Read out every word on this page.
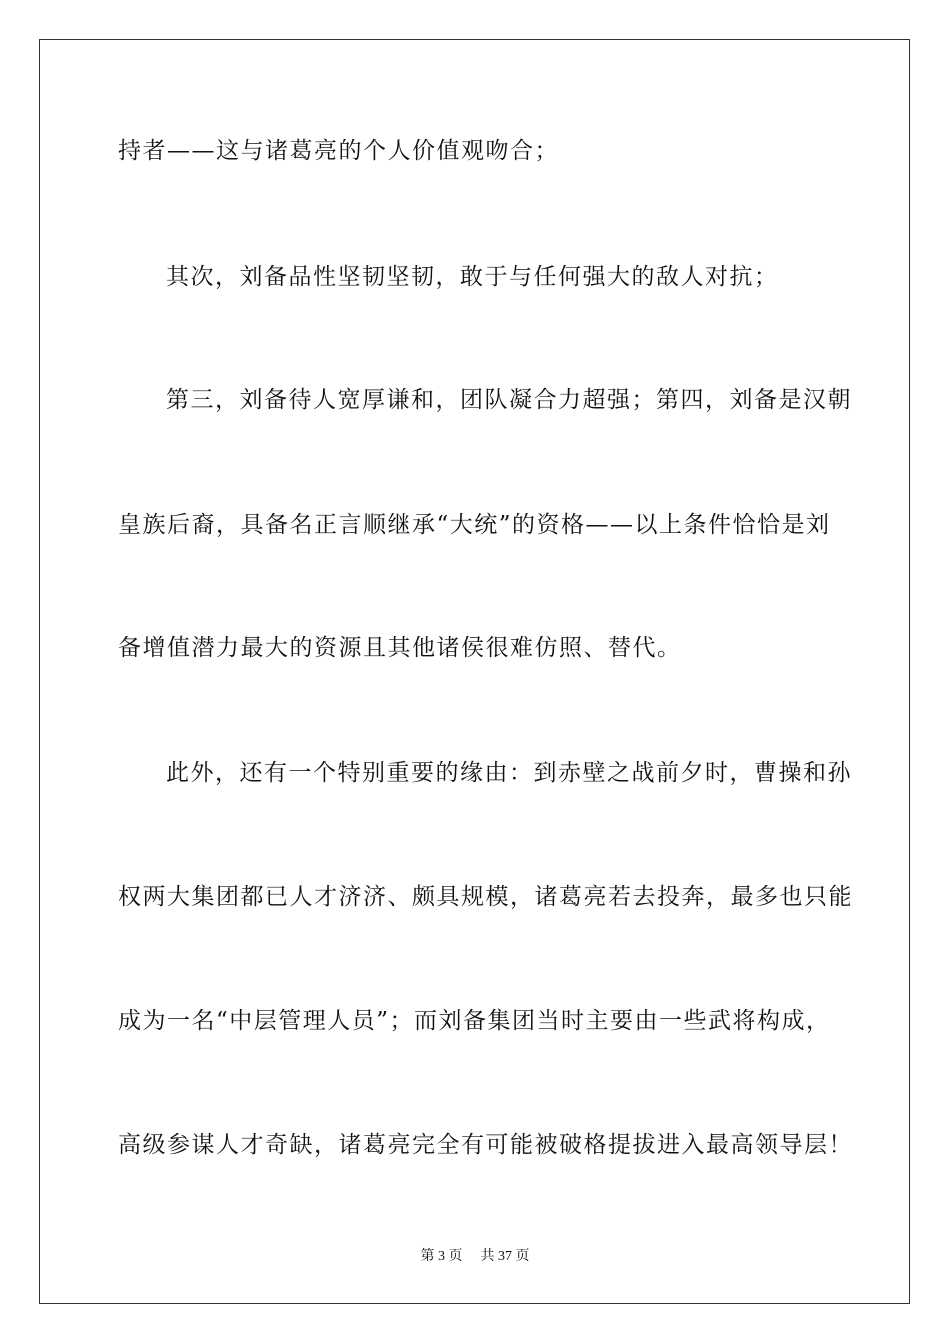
持者——这与诸葛亮的个人价值观吻合；
其次，刘备品性坚韧坚韧，敢于与任何强大的敌人对抗；
第三，刘备待人宽厚谦和，团队凝合力超强；第四，刘备是汉朝
皇族后裔，具备名正言顺继承“大统”的资格——以上条件恰恰是刘
备增值潜力最大的资源且其他诸侯很难仿照、替代。
此外，还有一个特别重要的缘由：到赤壁之战前夕时，曹操和孙
权两大集团都已人才济济、颇具规模，诸葛亮若去投奔，最多也只能
成为一名“中层管理人员”；而刘备集团当时主要由一些武将构成，
高级参谋人才奇缺，诸葛亮完全有可能被破格提拔进入最高领导层！
第 3 页 共 37 页
